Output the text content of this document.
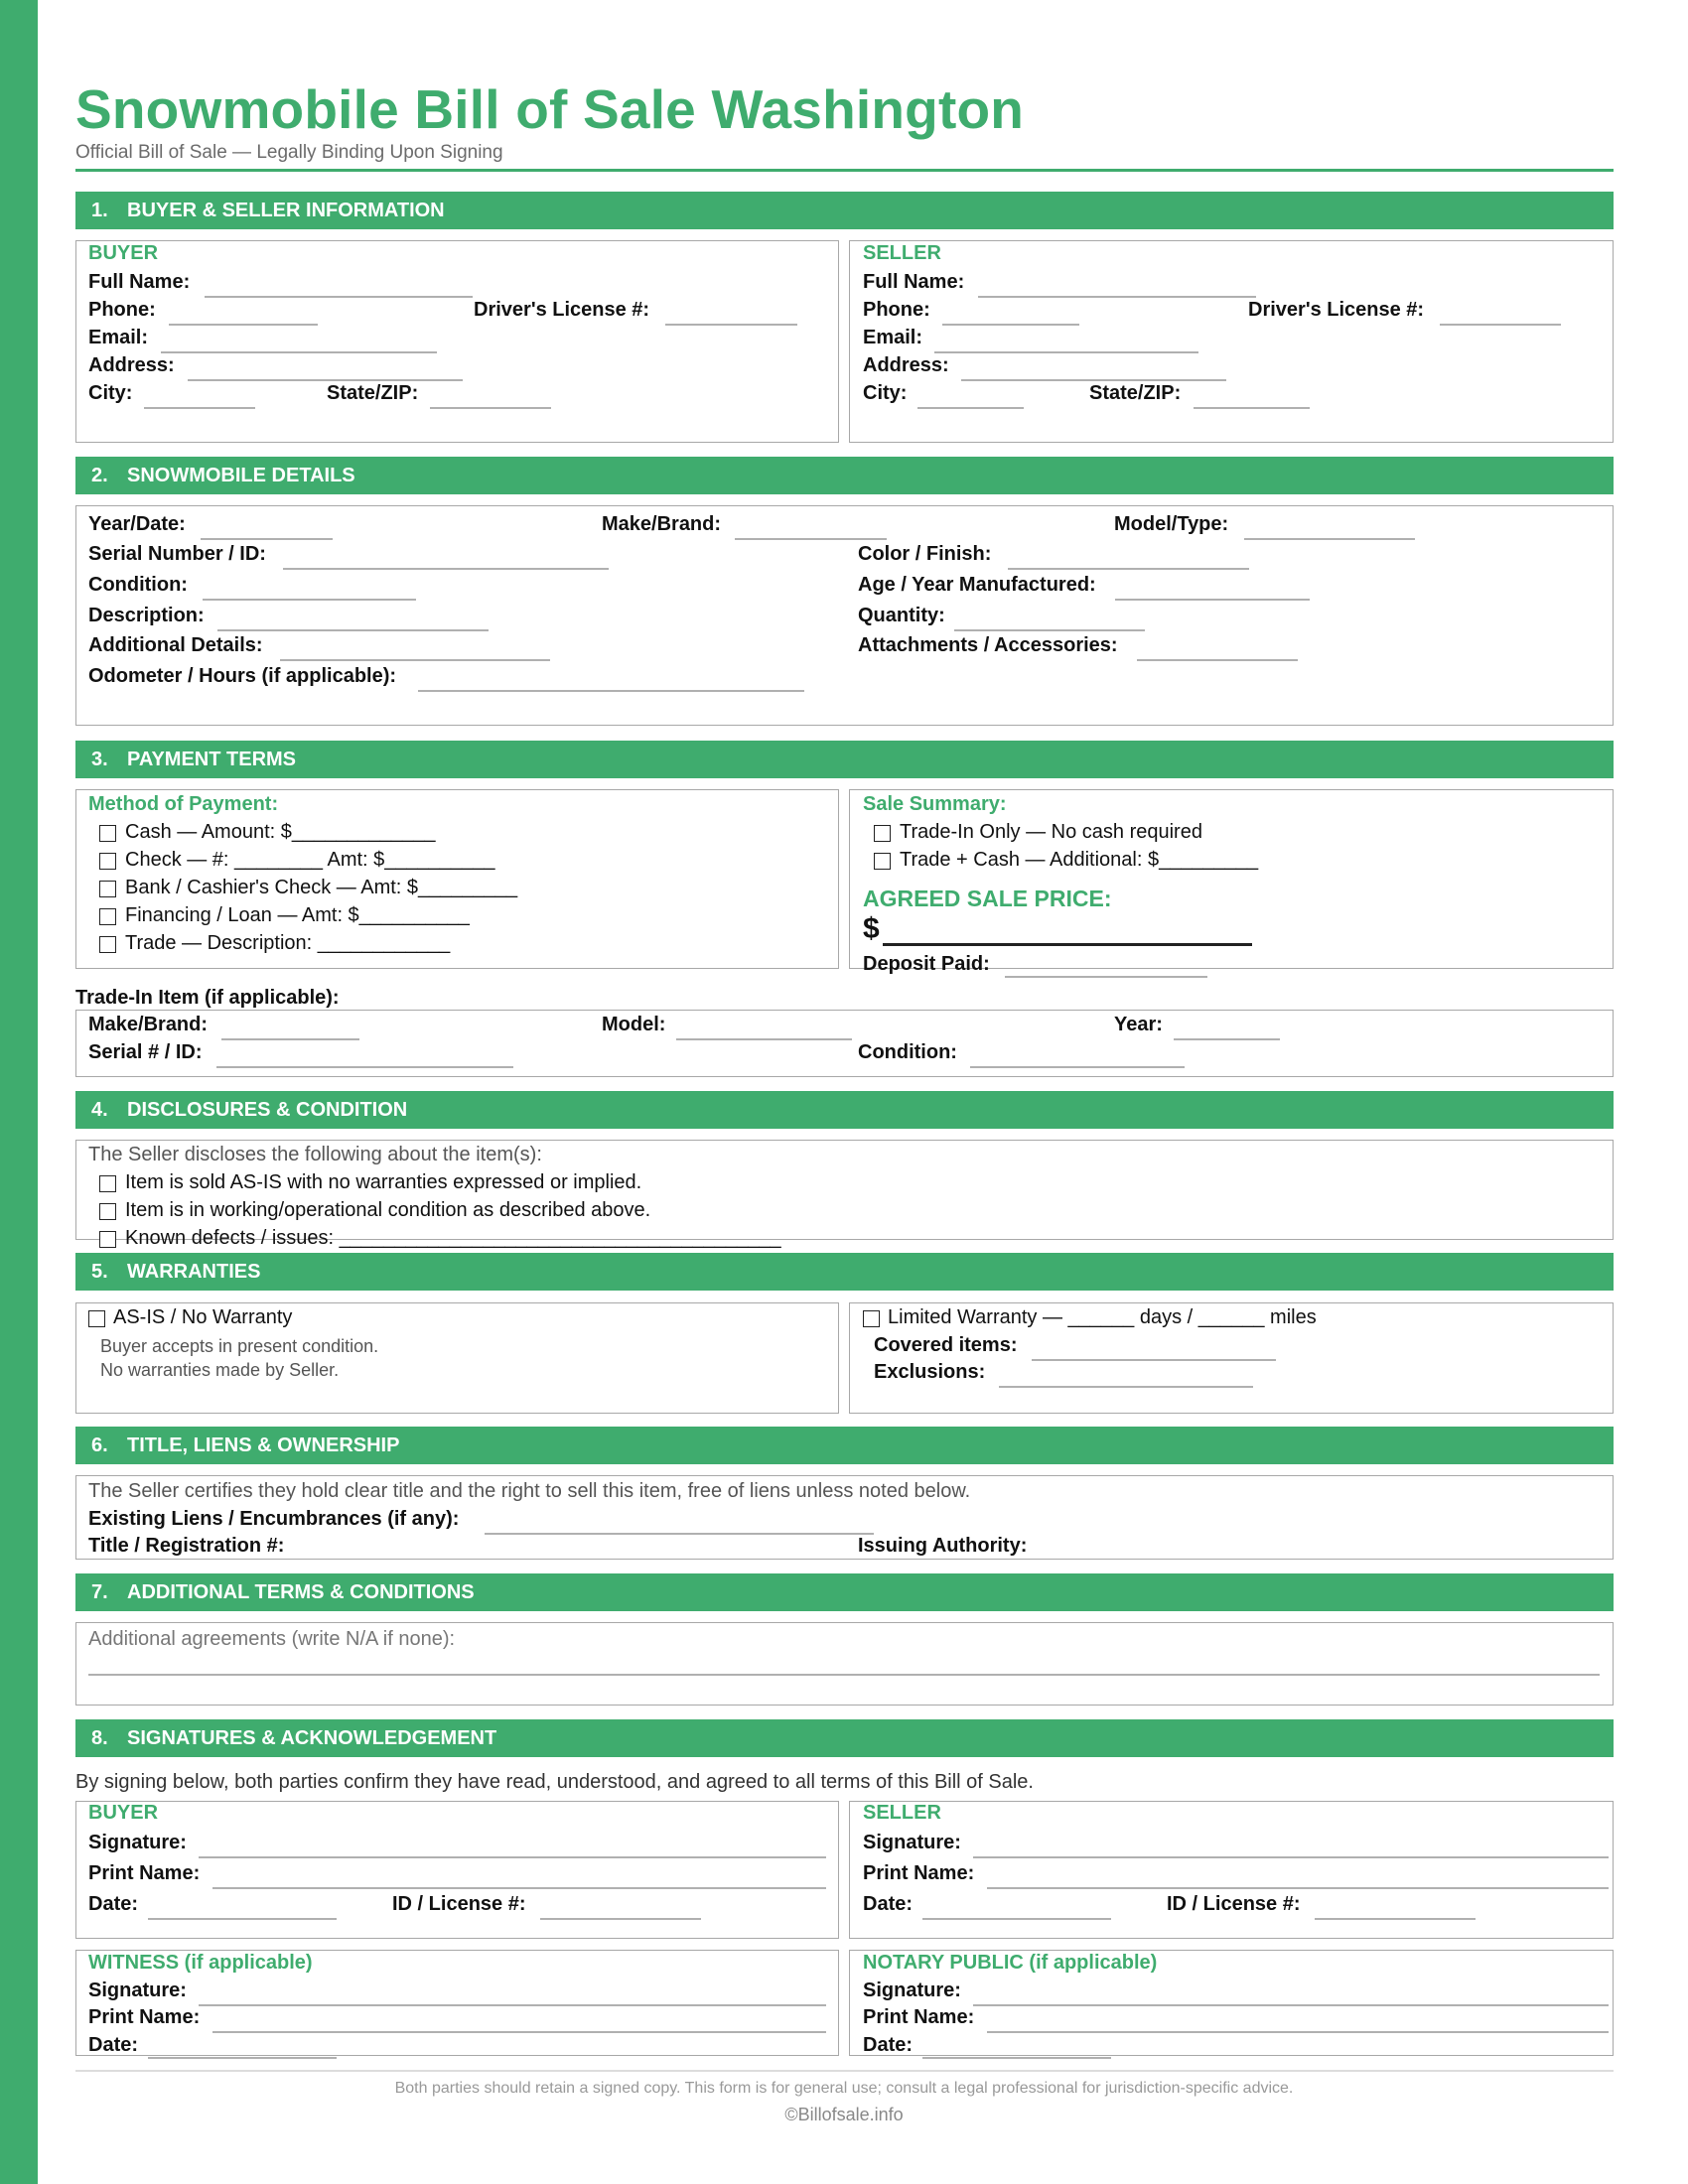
Snowmobile Bill of Sale Washington
Official Bill of Sale — Legally Binding Upon Signing
1. BUYER & SELLER INFORMATION
BUYER
Full Name:
Phone:	Driver's License #:
Email:
Address:
City:	State/ZIP:
SELLER
Full Name:
Phone:	Driver's License #:
Email:
Address:
City:	State/ZIP:
2. SNOWMOBILE DETAILS
Year/Date:	Make/Brand:	Model/Type:
Serial Number / ID:	Color / Finish:
Condition:	Age / Year Manufactured:
Description:	Quantity:
Additional Details:	Attachments / Accessories:
Odometer / Hours (if applicable):
3. PAYMENT TERMS
Method of Payment:
Cash — Amount: $_____________
Check — #: ________ Amt: $__________
Bank / Cashier's Check — Amt: $_________
Financing / Loan — Amt: $__________
Trade — Description: ____________
Sale Summary:
Trade-In Only — No cash required
Trade + Cash — Additional: $_________
AGREED SALE PRICE:
$
Deposit Paid:
Trade-In Item (if applicable):
Make/Brand:	Model:	Year:
Serial # / ID:	Condition:
4. DISCLOSURES & CONDITION
The Seller discloses the following about the item(s):
Item is sold AS-IS with no warranties expressed or implied.
Item is in working/operational condition as described above.
Known defects / issues: ________________________________________
5. WARRANTIES
AS-IS / No Warranty
Buyer accepts in present condition.
No warranties made by Seller.
Limited Warranty — ______ days / ______ miles
Covered items:
Exclusions:
6. TITLE, LIENS & OWNERSHIP
The Seller certifies they hold clear title and the right to sell this item, free of liens unless noted below.
Existing Liens / Encumbrances (if any):
Title / Registration #:	Issuing Authority:
7. ADDITIONAL TERMS & CONDITIONS
Additional agreements (write N/A if none):
8. SIGNATURES & ACKNOWLEDGEMENT
By signing below, both parties confirm they have read, understood, and agreed to all terms of this Bill of Sale.
BUYER
Signature:
Print Name:
Date:	ID / License #:
SELLER
Signature:
Print Name:
Date:	ID / License #:
WITNESS (if applicable)
Signature:
Print Name:
Date:
NOTARY PUBLIC (if applicable)
Signature:
Print Name:
Date:
Both parties should retain a signed copy. This form is for general use; consult a legal professional for jurisdiction-specific advice.
©Billofsale.info
